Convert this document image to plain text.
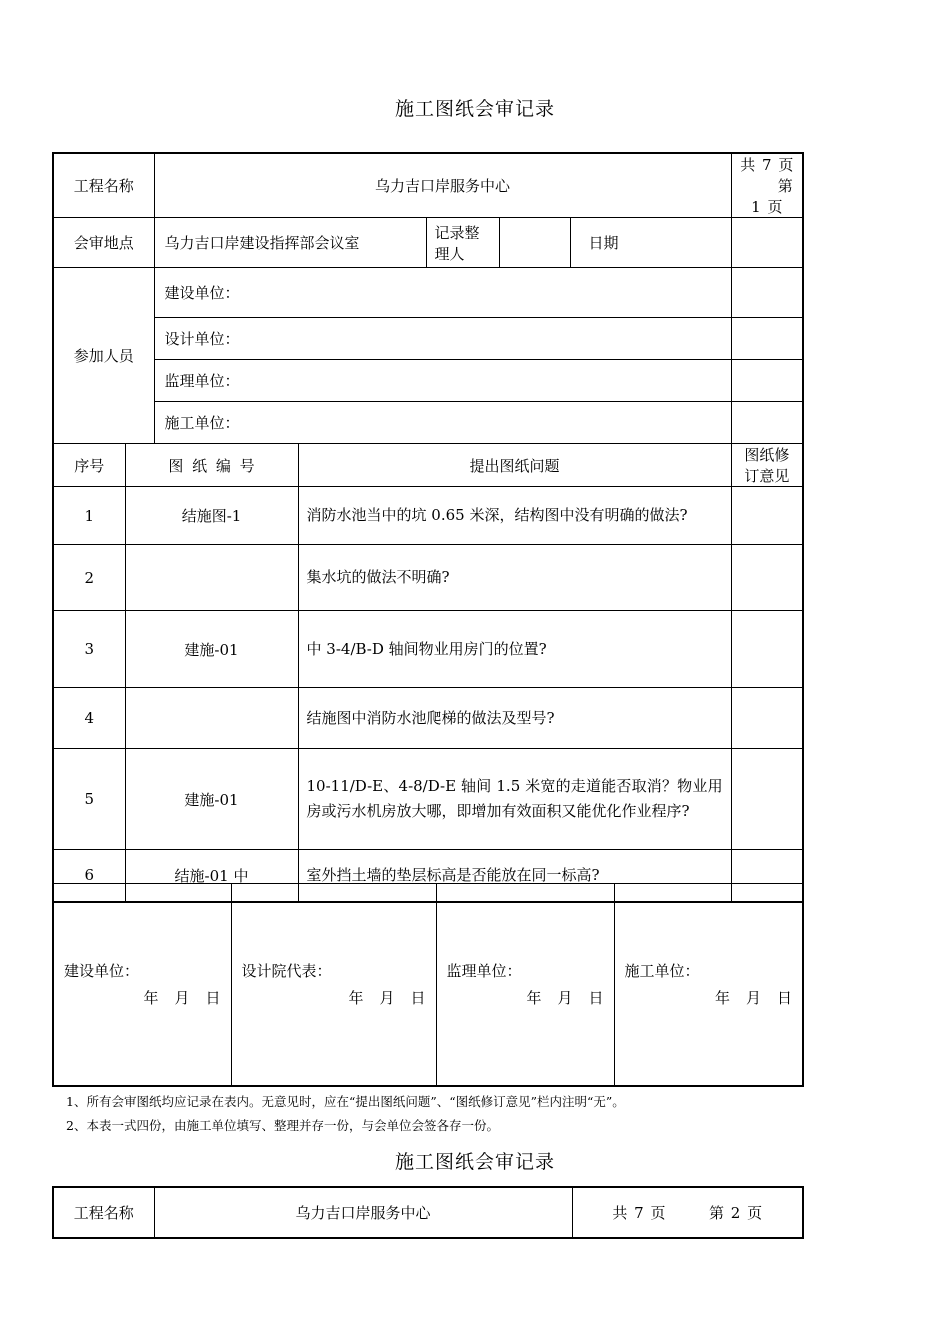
施工图纸会审记录
工程名称		乌力吉口岸服务中心					共 7 页  第 1 页
会审地点		乌力吉口岸建设指挥部会议室		记录整理人		日期	
参加人员		建设单位：					
		设计单位：					
		监理单位：					
		施工单位：					
序号	图 纸 编 号		提出图纸问题				图纸修订意见
1	结施图-1		消防水池当中的坑 0.65 米深，结构图中没有明确的做法?				
2			集水坑的做法不明确?				
3	建施-01		中 3-4/B-D 轴间物业用房门的位置?				
4			结施图中消防水池爬梯的做法及型号?				
5	建施-01		10-11/D-E、4-8/D-E 轴间 1.5 米宽的走道能否取消？物业用房或污水机房放大哪，即增加有效面积又能优化作业程序?				
6	结施-01 中		室外挡土墙的垫层标高是否能放在同一标高?				
建设单位：
年 月 日

设计院代表：
年 月 日

监理单位：
年 月 日

施工单位：
年 月 日
1、所有会审图纸均应记录在表内。无意见时，应在“提出图纸问题”、“图纸修订意见”栏内注明“无”。
2、本表一式四份，由施工单位填写、整理并存一份，与会单位会签各存一份。
施工图纸会审记录
工程名称	乌力吉口岸服务中心	共 7 页	第 2 页
